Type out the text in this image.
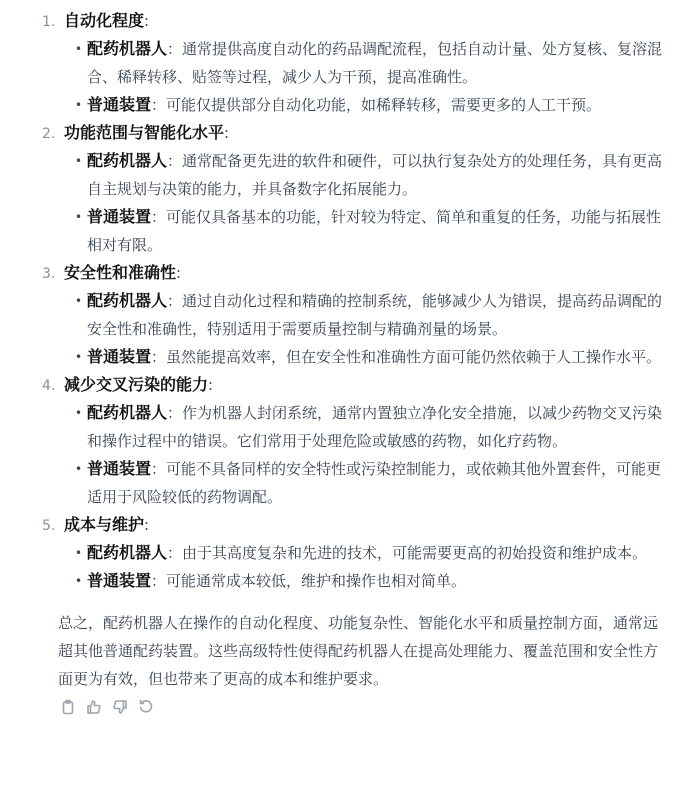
1. 自动化程度 :
• 配药机器人：通常提供高度自动化的药品调配流程，包括自动计量、处方复核、复溶混合、稀释转移、贴签等过程，减少人为干预，提高准确性。
• 普通装置：可能仅提供部分自动化功能，如稀释转移，需要更多的人工干预。
2. 功能范围与智能化水平 :
• 配药机器人：通常配备更先进的软件和硬件，可以执行复杂处方的处理任务，具有更高自主规划与决策的能力，并具备数字化拓展能力。
• 普通装置：可能仅具备基本的功能，针对较为特定、简单和重复的任务，功能与拓展性相对有限。
3. 安全性和准确性 :
• 配药机器人：通过自动化过程和精确的控制系统，能够减少人为错误，提高药品调配的安全性和准确性，特别适用于需要质量控制与精确剂量的场景。
• 普通装置：虽然能提高效率，但在安全性和准确性方面可能仍然依赖于人工操作水平。
4. 减少交叉污染的能力 :
• 配药机器人：作为机器人封闭系统，通常内置独立净化安全措施，以减少药物交叉污染和操作过程中的错误。它们常用于处理危险或敏感的药物，如化疗药物。
• 普通装置：可能不具备同样的安全特性或污染控制能力，或依赖其他外置套件，可能更适用于风险较低的药物调配。
5. 成本与维护 :
• 配药机器人：由于其高度复杂和先进的技术，可能需要更高的初始投资和维护成本。
• 普通装置：可能通常成本较低，维护和操作也相对简单。

总之，配药机器人在操作的自动化程度、功能复杂性、智能化水平和质量控制方面，通常远超其他普通配药装置。这些高级特性使得配药机器人在提高处理能力、覆盖范围和安全性方面更为有效，但也带来了更高的成本和维护要求。
